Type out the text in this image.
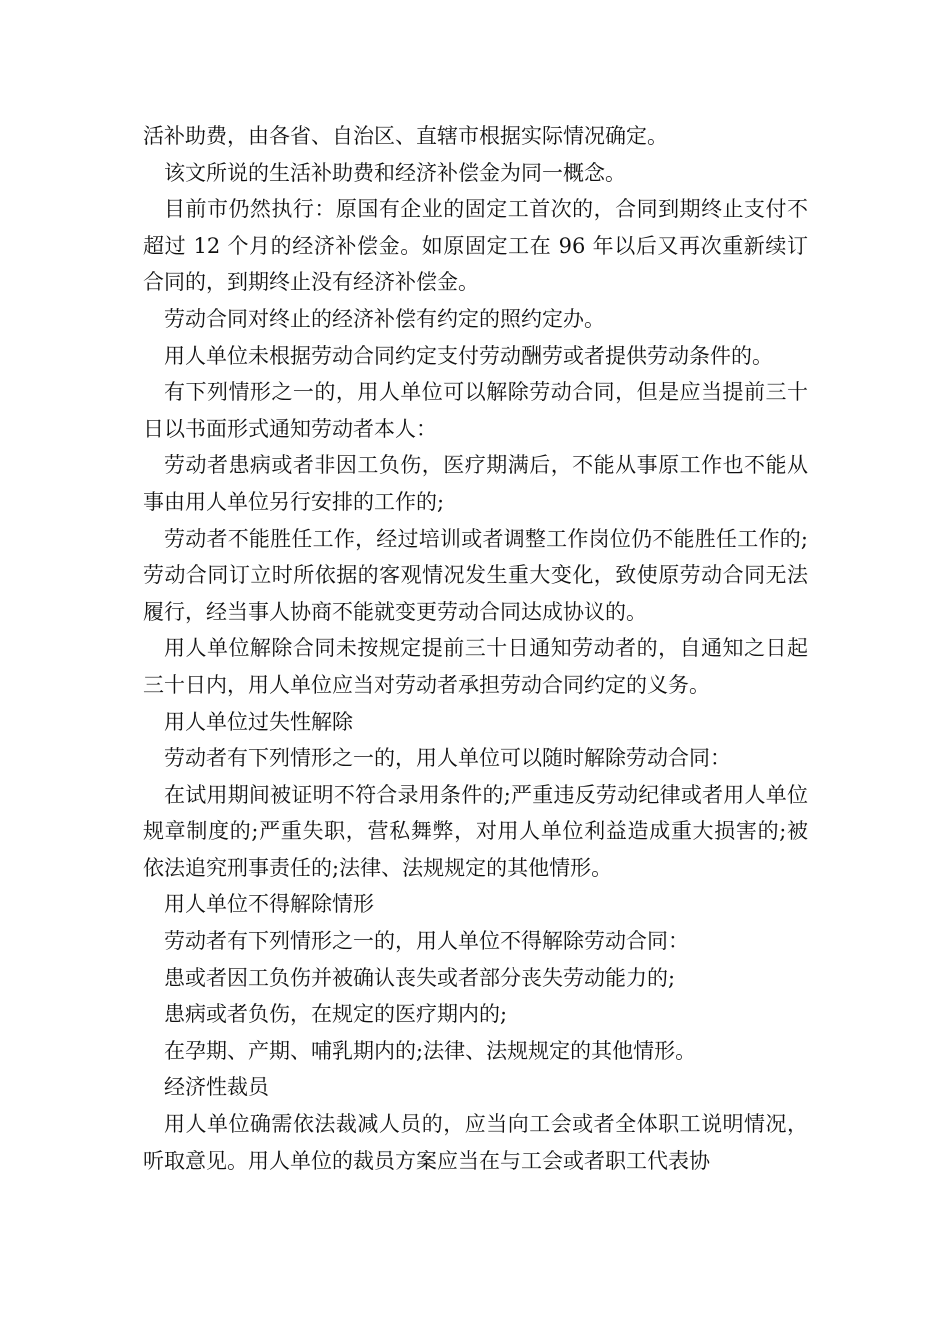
活补助费，由各省、自治区、直辖市根据实际情况确定。

该文所说的生活补助费和经济补偿金为同一概念。

目前市仍然执行：原国有企业的固定工首次的，合同到期终止支付不超过 12 个月的经济补偿金。如原固定工在 96 年以后又再次重新续订合同的，到期终止没有经济补偿金。

劳动合同对终止的经济补偿有约定的照约定办。

用人单位未根据劳动合同约定支付劳动酬劳或者提供劳动条件的。

有下列情形之一的，用人单位可以解除劳动合同，但是应当提前三十日以书面形式通知劳动者本人：

劳动者患病或者非因工负伤，医疗期满后，不能从事原工作也不能从事由用人单位另行安排的工作的;

劳动者不能胜任工作，经过培训或者调整工作岗位仍不能胜任工作的;劳动合同订立时所依据的客观情况发生重大变化，致使原劳动合同无法履行，经当事人协商不能就变更劳动合同达成协议的。

用人单位解除合同未按规定提前三十日通知劳动者的，自通知之日起三十日内，用人单位应当对劳动者承担劳动合同约定的义务。

用人单位过失性解除

劳动者有下列情形之一的，用人单位可以随时解除劳动合同：

在试用期间被证明不符合录用条件的;严重违反劳动纪律或者用人单位规章制度的;严重失职，营私舞弊，对用人单位利益造成重大损害的;被依法追究刑事责任的;法律、法规规定的其他情形。

用人单位不得解除情形

劳动者有下列情形之一的，用人单位不得解除劳动合同：

患或者因工负伤并被确认丧失或者部分丧失劳动能力的;

患病或者负伤，在规定的医疗期内的;

在孕期、产期、哺乳期内的;法律、法规规定的其他情形。

经济性裁员

用人单位确需依法裁减人员的，应当向工会或者全体职工说明情况，听取意见。用人单位的裁员方案应当在与工会或者职工代表协
